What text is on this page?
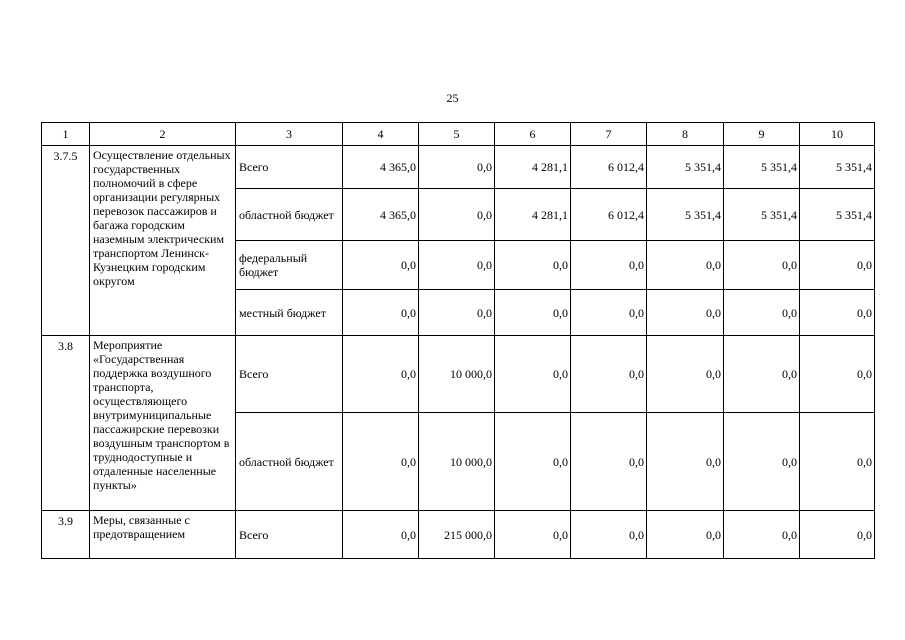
25
1	2	3	4	5	6	7	8	9	10
3.7.5	Осуществление отдельных государственных полномочий в сфере организации регулярных перевозок пассажиров и багажа городским наземным электрическим транспортом Ленинск-Кузнецким городским округом	Всего	4 365,0	0,0	4 281,1	6 012,4	5 351,4	5 351,4	5 351,4
		областной бюджет	4 365,0	0,0	4 281,1	6 012,4	5 351,4	5 351,4	5 351,4
		федеральный бюджет	0,0	0,0	0,0	0,0	0,0	0,0	0,0
		местный бюджет	0,0	0,0	0,0	0,0	0,0	0,0	0,0
3.8	Мероприятие «Государственная поддержка воздушного транспорта, осуществляющего внутримуниципальные пассажирские перевозки воздушным транспортом в труднодоступные и отдаленные населенные пункты»	Всего	0,0	10 000,0	0,0	0,0	0,0	0,0	0,0
		областной бюджет	0,0	10 000,0	0,0	0,0	0,0	0,0	0,0
3.9	Меры, связанные с предотвращением	Всего	0,0	215 000,0	0,0	0,0	0,0	0,0	0,0
